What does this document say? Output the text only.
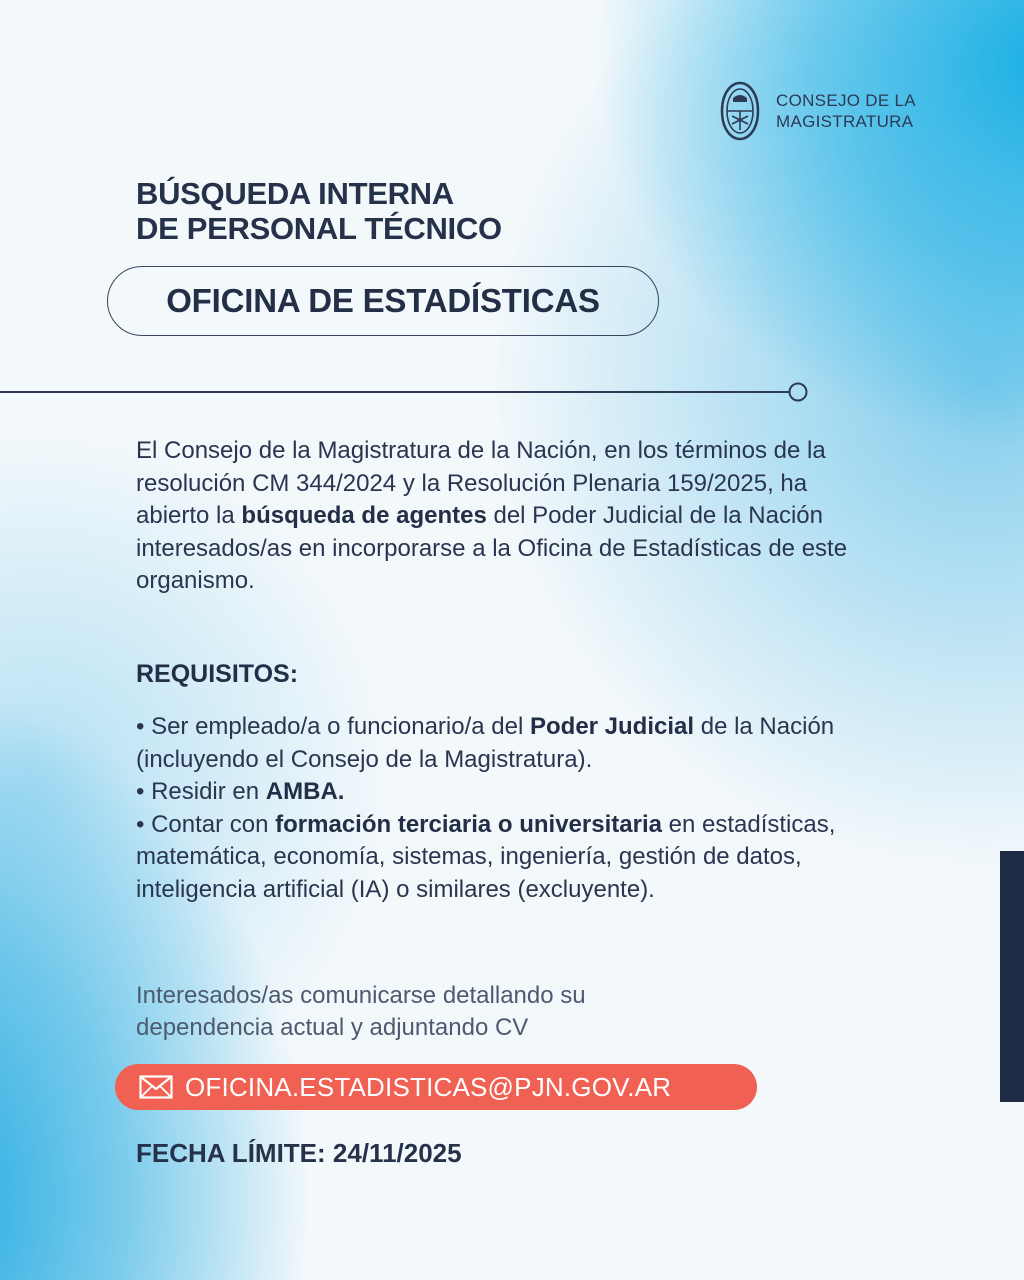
CONSEJO DE LA
MAGISTRATURA
BÚSQUEDA INTERNA
DE PERSONAL TÉCNICO
OFICINA DE ESTADÍSTICAS
El Consejo de la Magistratura de la Nación, en los términos de la resolución CM 344/2024 y la Resolución Plenaria 159/2025, ha abierto la búsqueda de agentes del Poder Judicial de la Nación interesados/as en incorporarse a la Oficina de Estadísticas de este organismo.
REQUISITOS:

• Ser empleado/a o funcionario/a del Poder Judicial de la Nación (incluyendo el Consejo de la Magistratura).

• Residir en AMBA.

• Contar con formación terciaria o universitaria en estadísticas, matemática, economía, sistemas, ingeniería, gestión de datos, inteligencia artificial (IA) o similares (excluyente).

Interesados/as comunicarse detallando su
dependencia actual y adjuntando CV
OFICINA.ESTADISTICAS@PJN.GOV.AR
FECHA LÍMITE: 24/11/2025
